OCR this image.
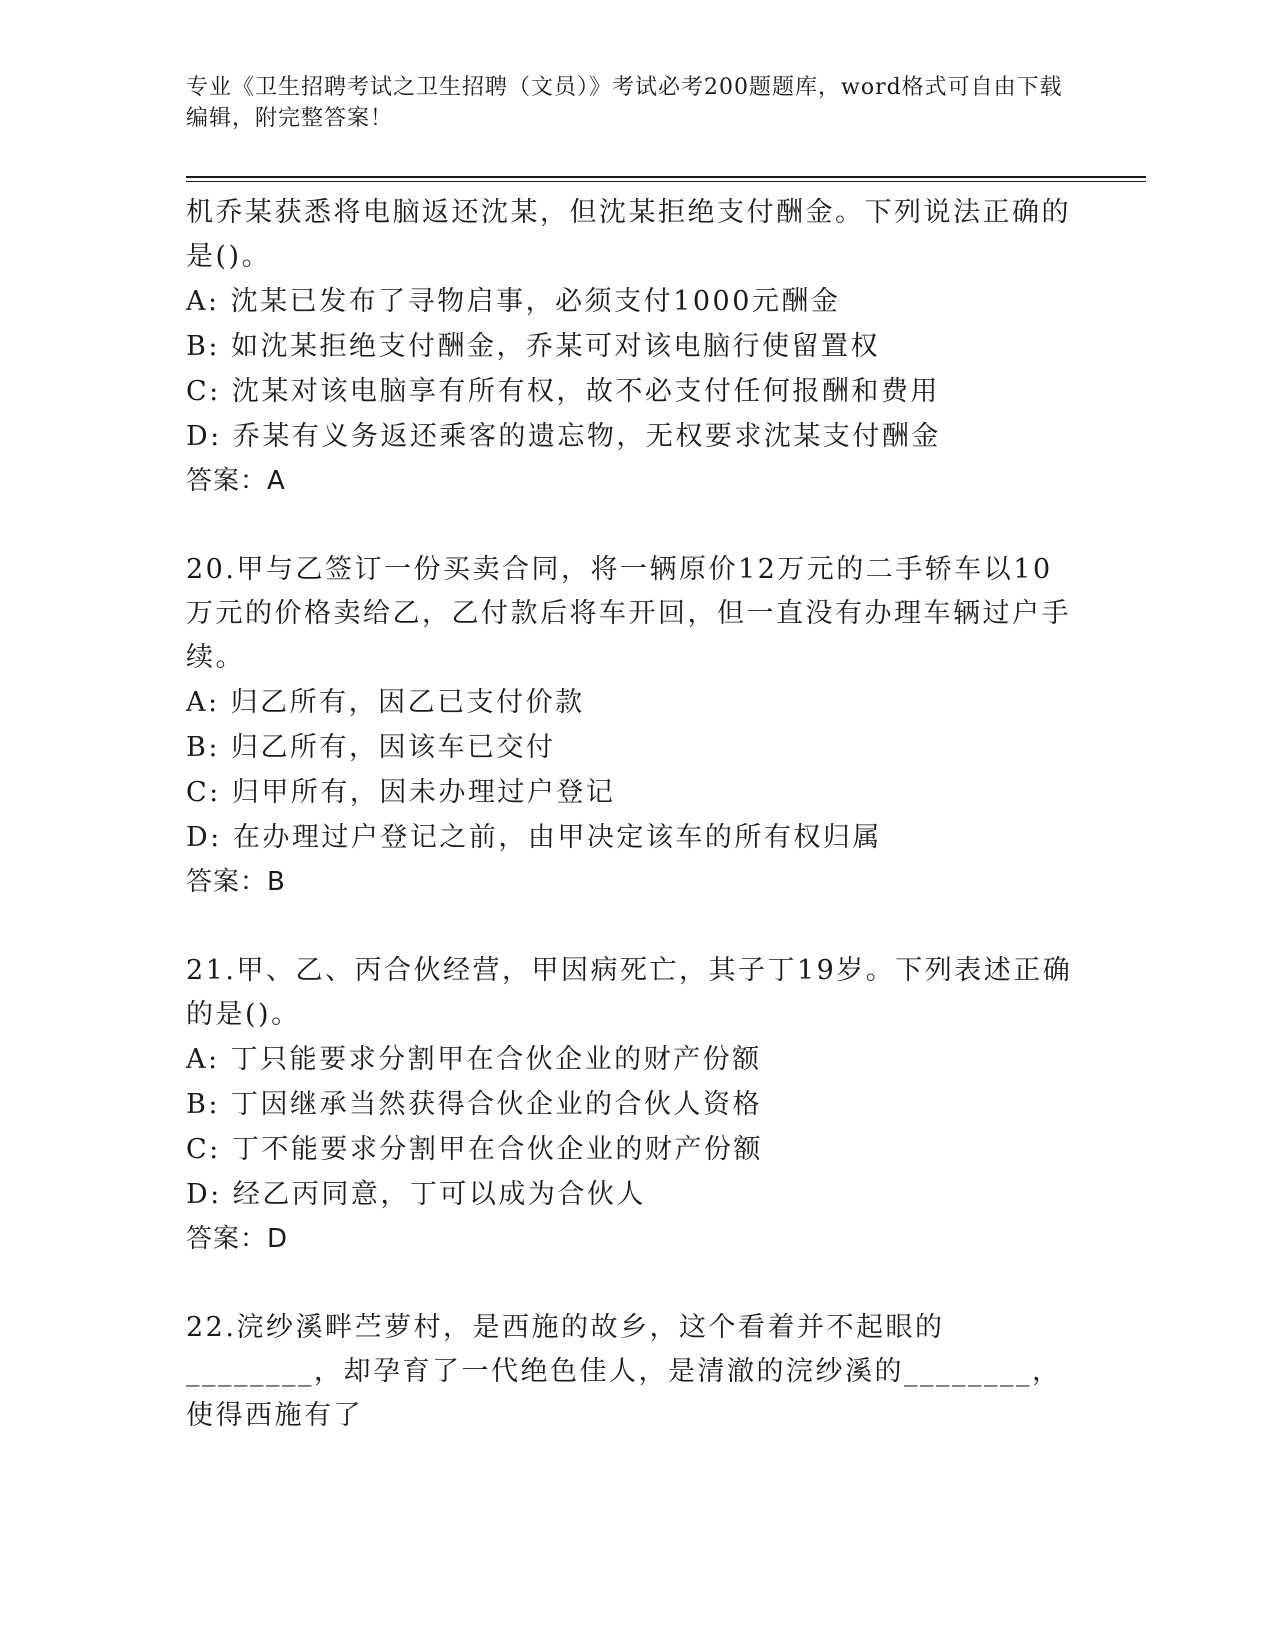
专业《卫生招聘考试之卫生招聘（文员）》考试必考200题题库，word格式可自由下载编辑，附完整答案！
机乔某获悉将电脑返还沈某，但沈某拒绝支付酬金。下列说法正确的是()。
A: 沈某已发布了寻物启事，必须支付1000元酬金
B: 如沈某拒绝支付酬金，乔某可对该电脑行使留置权
C: 沈某对该电脑享有所有权，故不必支付任何报酬和费用
D: 乔某有义务返还乘客的遗忘物，无权要求沈某支付酬金
答案：A
20.甲与乙签订一份买卖合同，将一辆原价12万元的二手轿车以10万元的价格卖给乙，乙付款后将车开回，但一直没有办理车辆过户手续。
A: 归乙所有，因乙已支付价款
B: 归乙所有，因该车已交付
C: 归甲所有，因未办理过户登记
D: 在办理过户登记之前，由甲决定该车的所有权归属
答案：B
21.甲、乙、丙合伙经营，甲因病死亡，其子丁19岁。下列表述正确的是()。
A: 丁只能要求分割甲在合伙企业的财产份额
B: 丁因继承当然获得合伙企业的合伙人资格
C: 丁不能要求分割甲在合伙企业的财产份额
D: 经乙丙同意，丁可以成为合伙人
答案：D
22.浣纱溪畔苎萝村，是西施的故乡，这个看着并不起眼的________，却孕育了一代绝色佳人，是清澈的浣纱溪的________，使得西施有了
